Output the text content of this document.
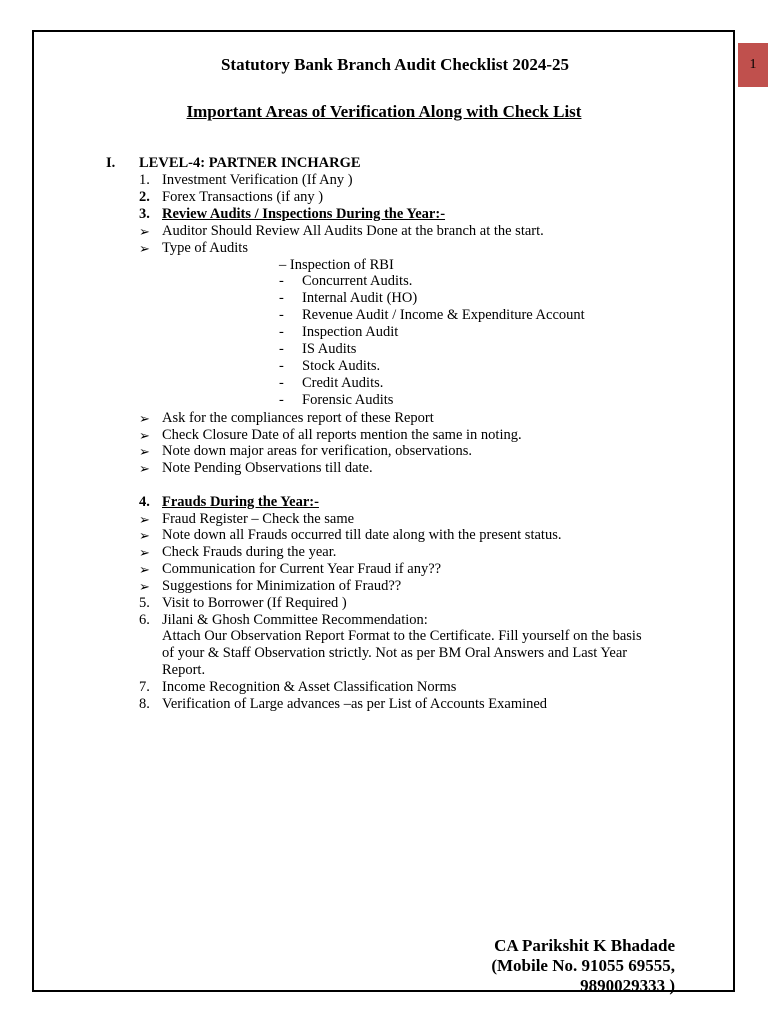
1
Statutory Bank Branch Audit Checklist 2024-25
Important Areas of Verification Along with Check List
I. LEVEL-4: PARTNER INCHARGE
1. Investment Verification (If Any )
2. Forex Transactions (if any )
3. Review Audits / Inspections During the Year:-
➢ Auditor Should Review All Audits Done at the branch at the start.
➢ Type of Audits
– Inspection of RBI
- Concurrent Audits.
- Internal Audit (HO)
- Revenue Audit / Income & Expenditure Account
- Inspection Audit
- IS Audits
- Stock Audits.
- Credit Audits.
- Forensic Audits
➢ Ask for the compliances report of these Report
➢ Check Closure Date of all reports mention the same in noting.
➢ Note down major areas for verification, observations.
➢ Note Pending Observations till date.
4. Frauds During the Year:-
➢ Fraud Register – Check the same
➢ Note down all Frauds occurred till date along with the present status.
➢ Check Frauds during the year.
➢ Communication for Current Year Fraud if any??
➢ Suggestions for Minimization of Fraud??
5. Visit to Borrower (If Required )
6. Jilani & Ghosh Committee Recommendation:
Attach Our Observation Report Format to the Certificate. Fill yourself on the basis
of your & Staff Observation strictly. Not as per BM Oral Answers and Last Year
Report.
7. Income Recognition & Asset Classification Norms
8. Verification of Large advances –as per List of Accounts Examined
CA Parikshit K Bhadade
(Mobile No. 91055 69555,
9890029333 )
